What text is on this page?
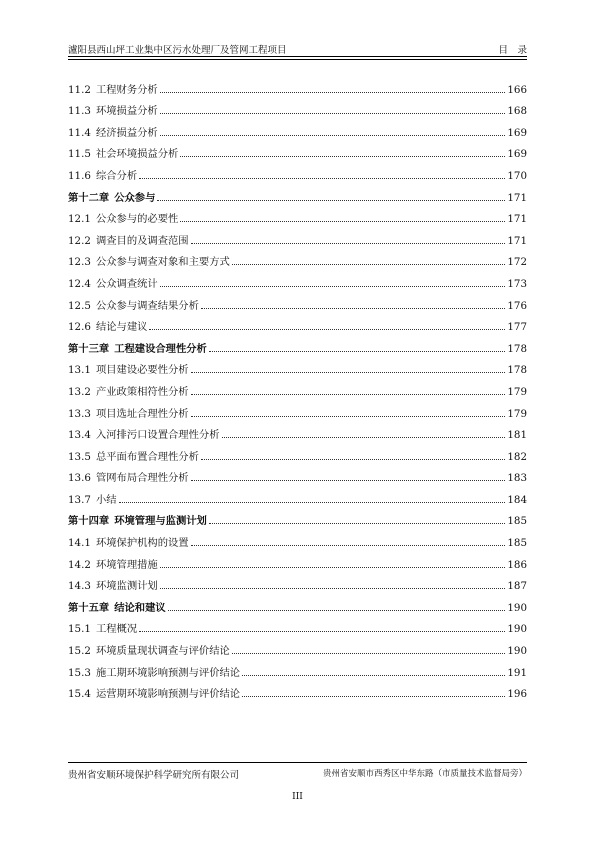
瀘阳县西山坪工业集中区污水处理厂及管网工程项目	目　录
11.2 工程财务分析	166
11.3 环境损益分析	168
11.4 经济损益分析	169
11.5 社会环境损益分析	169
11.6 综合分析	170
第十二章 公众参与	171
12.1 公众参与的必要性	171
12.2 调查目的及调查范围	171
12.3 公众参与调查对象和主要方式	172
12.4 公众调查统计	173
12.5 公众参与调查结果分析	176
12.6 结论与建议	177
第十三章 工程建设合理性分析	178
13.1 项目建设必要性分析	178
13.2 产业政策相符性分析	179
13.3 项目选址合理性分析	179
13.4 入河排污口设置合理性分析	181
13.5 总平面布置合理性分析	182
13.6 管网布局合理性分析	183
13.7 小结	184
第十四章 环境管理与监测计划	185
14.1 环境保护机构的设置	185
14.2 环境管理措施	186
14.3 环境监测计划	187
第十五章 结论和建议	190
15.1 工程概况	190
15.2 环境质量现状调查与评价结论	190
15.3 施工期环境影响预测与评价结论	191
15.4 运营期环境影响预测与评价结论	196
贵州省安顺环境保护科学研究所有限公司	贵州省安顺市西秀区中华东路（市质量技术监督局旁）
III
